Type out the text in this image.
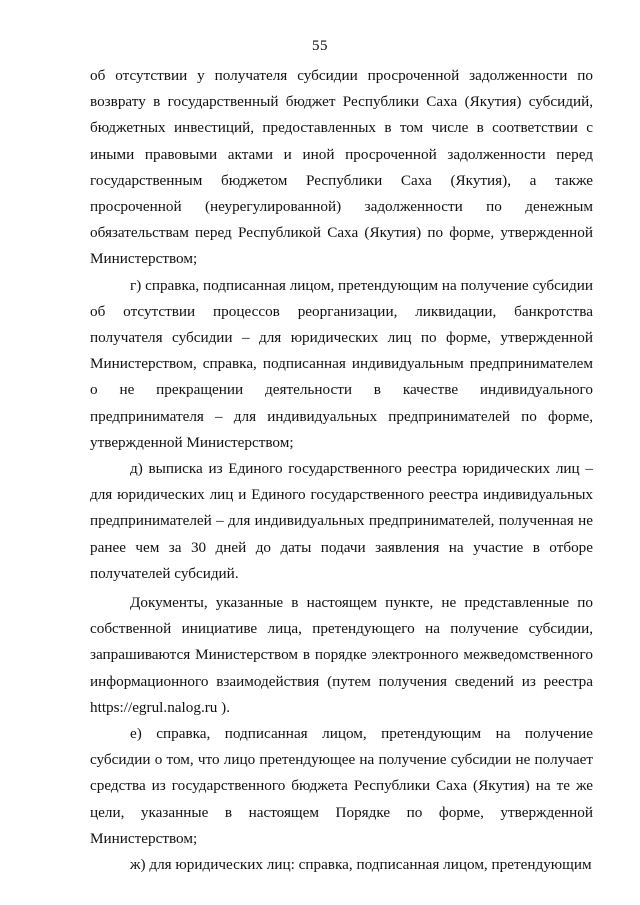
55

об отсутствии у получателя субсидии просроченной задолженности по возврату в государственный бюджет Республики Саха (Якутия) субсидий, бюджетных инвестиций, предоставленных в том числе в соответствии с иными правовыми актами и иной просроченной задолженности перед государственным бюджетом Республики Саха (Якутия), а также просроченной (неурегулированной) задолженности по денежным обязательствам перед Республикой Саха (Якутия) по форме, утвержденной Министерством;

г) справка, подписанная лицом, претендующим на получение субсидии об отсутствии процессов реорганизации, ликвидации, банкротства получателя субсидии – для юридических лиц по форме, утвержденной Министерством, справка, подписанная индивидуальным предпринимателем о не прекращении деятельности в качестве индивидуального предпринимателя – для индивидуальных предпринимателей по форме, утвержденной Министерством;

д) выписка из Единого государственного реестра юридических лиц – для юридических лиц и Единого государственного реестра индивидуальных предпринимателей – для индивидуальных предпринимателей, полученная не ранее чем за 30 дней до даты подачи заявления на участие в отборе получателей субсидий.

Документы, указанные в настоящем пункте, не представленные по собственной инициативе лица, претендующего на получение субсидии, запрашиваются Министерством в порядке электронного межведомственного информационного взаимодействия (путем получения сведений из реестра https://egrul.nalog.ru ).

е) справка, подписанная лицом, претендующим на получение субсидии о том, что лицо претендующее на получение субсидии не получает средства из государственного бюджета Республики Саха (Якутия) на те же цели, указанные в настоящем Порядке по форме, утвержденной Министерством;

ж) для юридических лиц: справка, подписанная лицом, претендующим
